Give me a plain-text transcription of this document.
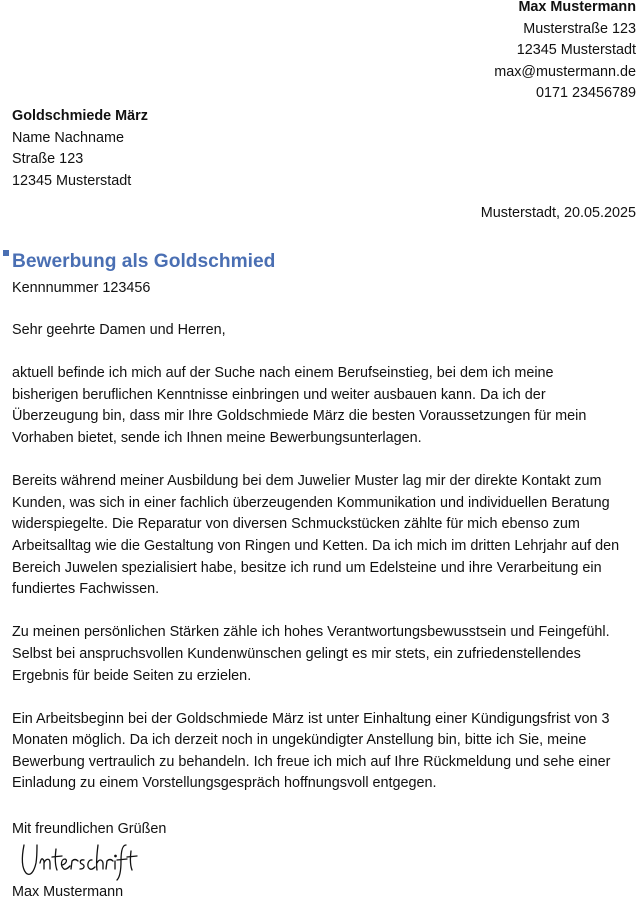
Max Mustermann
Musterstraße 123
12345 Musterstadt
max@mustermann.de
0171 23456789
Goldschmiede März
Name Nachname
Straße 123
12345 Musterstadt
Musterstadt, 20.05.2025
Bewerbung als Goldschmied
Kennnummer 123456

Sehr geehrte Damen und Herren,

aktuell befinde ich mich auf der Suche nach einem Berufseinstieg, bei dem ich meine
bisherigen beruflichen Kenntnisse einbringen und weiter ausbauen kann. Da ich der
Überzeugung bin, dass mir Ihre Goldschmiede März die besten Voraussetzungen für mein
Vorhaben bietet, sende ich Ihnen meine Bewerbungsunterlagen.

Bereits während meiner Ausbildung bei dem Juwelier Muster lag mir der direkte Kontakt zum
Kunden, was sich in einer fachlich überzeugenden Kommunikation und individuellen Beratung
widerspiegelte. Die Reparatur von diversen Schmuckstücken zählte für mich ebenso zum
Arbeitsalltag wie die Gestaltung von Ringen und Ketten. Da ich mich im dritten Lehrjahr auf den
Bereich Juwelen spezialisiert habe, besitze ich rund um Edelsteine und ihre Verarbeitung ein
fundiertes Fachwissen.

Zu meinen persönlichen Stärken zähle ich hohes Verantwortungsbewusstsein und Feingefühl.
Selbst bei anspruchsvollen Kundenwünschen gelingt es mir stets, ein zufriedenstellendes
Ergebnis für beide Seiten zu erzielen.

Ein Arbeitsbeginn bei der Goldschmiede März ist unter Einhaltung einer Kündigungsfrist von 3
Monaten möglich. Da ich derzeit noch in ungekündigter Anstellung bin, bitte ich Sie, meine
Bewerbung vertraulich zu behandeln. Ich freue ich mich auf Ihre Rückmeldung und sehe einer
Einladung zu einem Vorstellungsgespräch hoffnungsvoll entgegen.

Mit freundlichen Grüßen
Max Mustermann
